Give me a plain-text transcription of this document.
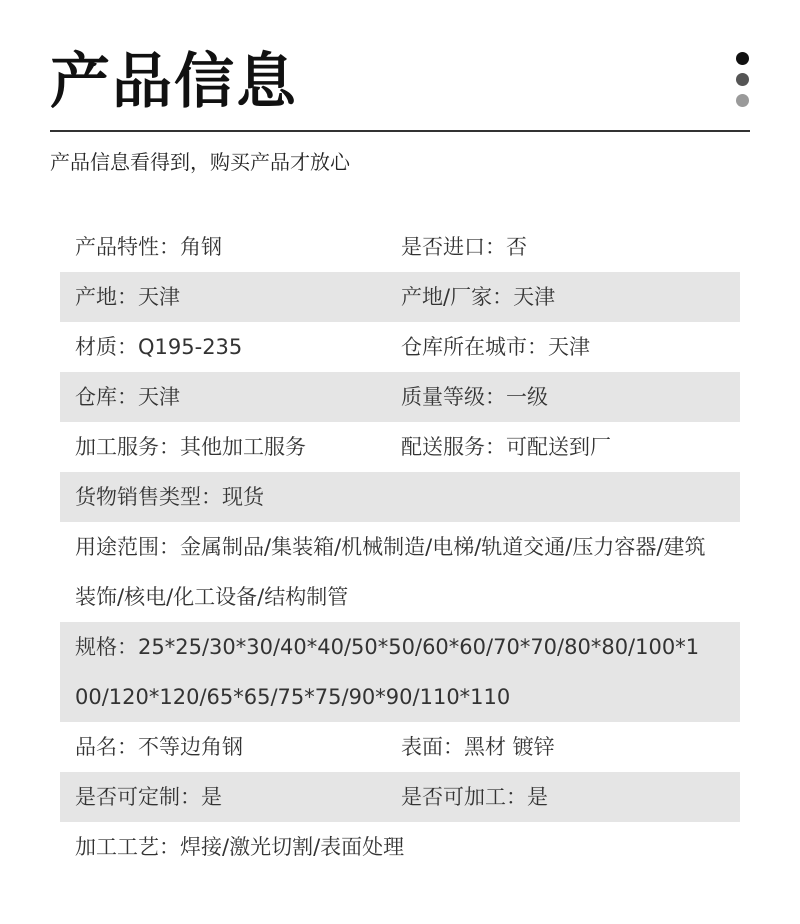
产品信息
产品信息看得到，购买产品才放心
产品特性：角钢	是否进口：否
产地：天津	产地/厂家：天津
材质：Q195-235	仓库所在城市：天津
仓库：天津	质量等级：一级
加工服务：其他加工服务	配送服务：可配送到厂
货物销售类型：现货
用途范围：金属制品/集装箱/机械制造/电梯/轨道交通/压力容器/建筑装饰/核电/化工设备/结构制管
规格：25*25/30*30/40*40/50*50/60*60/70*70/80*80/100*100/120*120/65*65/75*75/90*90/110*110
品名：不等边角钢	表面：黑材 镀锌
是否可定制：是	是否可加工：是
加工工艺：焊接/激光切割/表面处理
